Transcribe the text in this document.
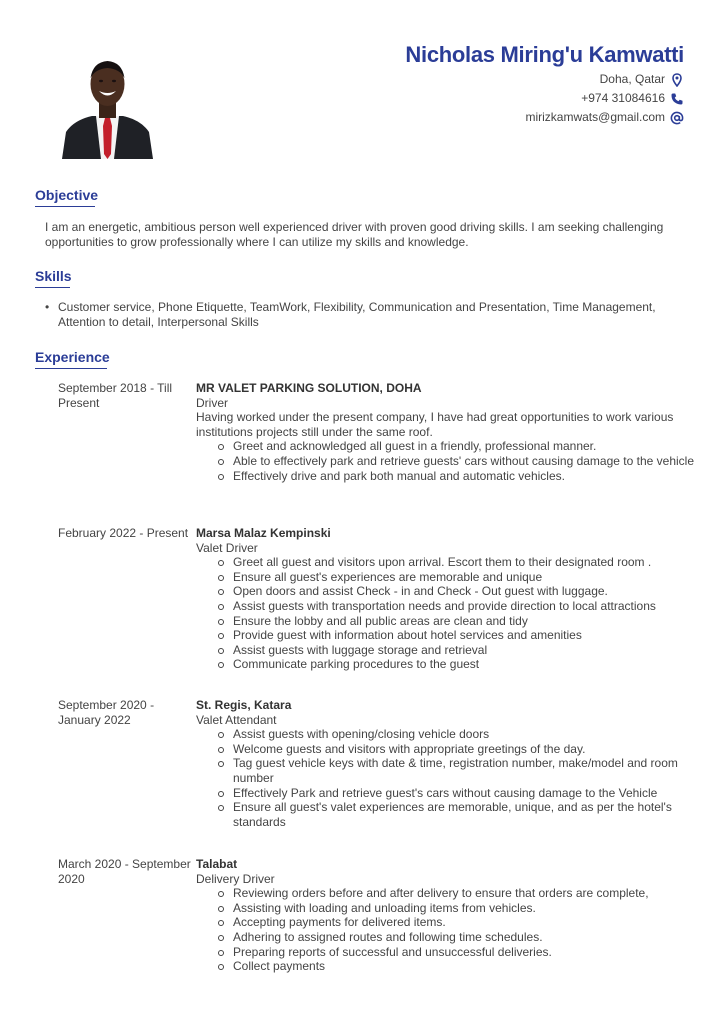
Nicholas Miring'u Kamwatti
Doha, Qatar
+974 31084616
mirizkamwats@gmail.com
Objective
I am an energetic, ambitious person well experienced driver with proven good driving skills. I am seeking challenging opportunities to grow professionally where I can utilize my skills and knowledge.
Skills
• Customer service, Phone Etiquette, TeamWork, Flexibility, Communication and Presentation, Time Management, Attention to detail, Interpersonal Skills
Experience
September 2018 - Till Present
MR VALET PARKING SOLUTION, DOHA
Driver
Having worked under the present company, I have had great opportunities to work various institutions projects still under the same roof.
Greet and acknowledged all guest in a friendly, professional manner.
Able to effectively park and retrieve guests' cars without causing damage to the vehicle
Effectively drive and park both manual and automatic vehicles.
February 2022 - Present Marsa Malaz Kempinski
Valet Driver
Greet all guest and visitors upon arrival. Escort them to their designated room .
Ensure all guest's experiences are memorable and unique
Open doors and assist Check - in and Check - Out guest with luggage.
Assist guests with transportation needs and provide direction to local attractions
Ensure the lobby and all public areas are clean and tidy
Provide guest with information about hotel services and amenities
Assist guests with luggage storage and retrieval
Communicate parking procedures to the guest
September 2020 - January 2022
St. Regis, Katara
Valet Attendant
Assist guests with opening/closing vehicle doors
Welcome guests and visitors with appropriate greetings of the day.
Tag guest vehicle keys with date & time, registration number, make/model and room number
Effectively Park and retrieve guest's cars without causing damage to the Vehicle
Ensure all guest's valet experiences are memorable, unique, and as per the hotel's standards
March 2020 - September 2020
Talabat
Delivery Driver
Reviewing orders before and after delivery to ensure that orders are complete,
Assisting with loading and unloading items from vehicles.
Accepting payments for delivered items.
Adhering to assigned routes and following time schedules.
Preparing reports of successful and unsuccessful deliveries.
Collect payments
